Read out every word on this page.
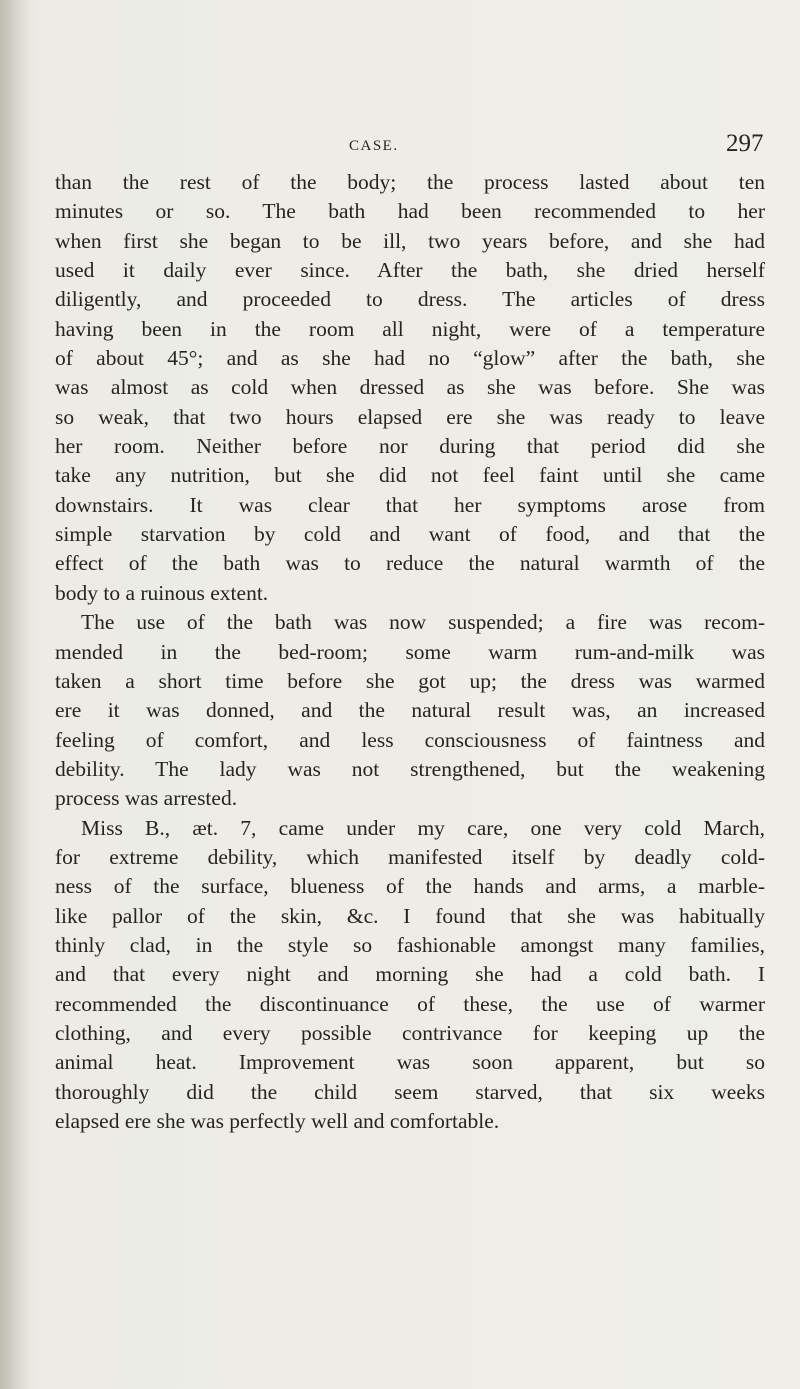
CASE.	297
than the rest of the body; the process lasted about ten
minutes or so. The bath had been recommended to her
when first she began to be ill, two years before, and she had
used it daily ever since. After the bath, she dried herself
diligently, and proceeded to dress. The articles of dress
having been in the room all night, were of a temperature
of about 45°; and as she had no “glow” after the bath, she
was almost as cold when dressed as she was before. She was
so weak, that two hours elapsed ere she was ready to leave
her room. Neither before nor during that period did she
take any nutrition, but she did not feel faint until she came
downstairs. It was clear that her symptoms arose from
simple starvation by cold and want of food, and that the
effect of the bath was to reduce the natural warmth of the
body to a ruinous extent.
The use of the bath was now suspended; a fire was recom-
mended in the bed-room; some warm rum-and-milk was
taken a short time before she got up; the dress was warmed
ere it was donned, and the natural result was, an increased
feeling of comfort, and less consciousness of faintness and
debility. The lady was not strengthened, but the weakening
process was arrested.
Miss B., æt. 7, came under my care, one very cold March,
for extreme debility, which manifested itself by deadly cold-
ness of the surface, blueness of the hands and arms, a marble-
like pallor of the skin, &c. I found that she was habitually
thinly clad, in the style so fashionable amongst many families,
and that every night and morning she had a cold bath. I
recommended the discontinuance of these, the use of warmer
clothing, and every possible contrivance for keeping up the
animal heat. Improvement was soon apparent, but so
thoroughly did the child seem starved, that six weeks
elapsed ere she was perfectly well and comfortable.
